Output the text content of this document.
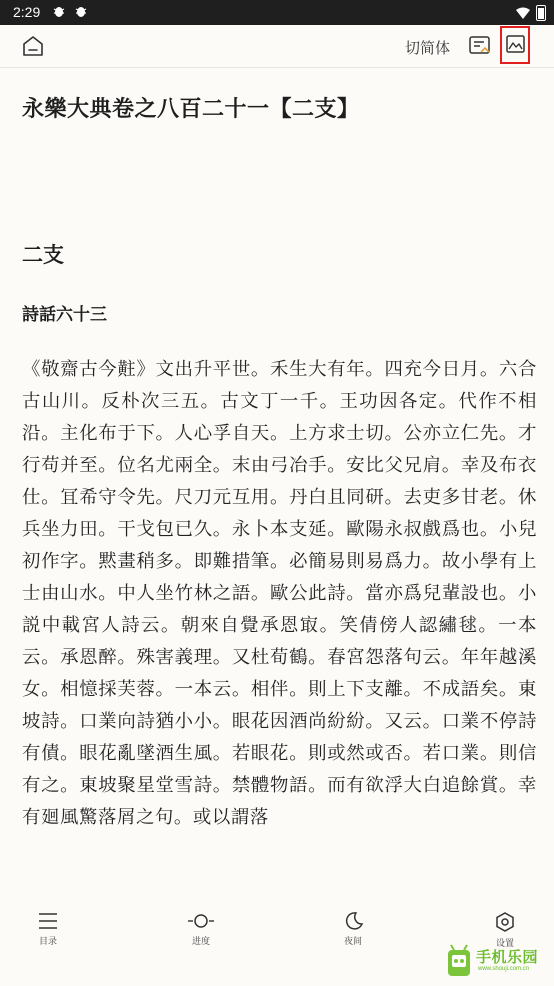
2:29
切简体
永樂大典卷之八百二十一【二支】
二支
詩話六十三

《敬齋古今黈》文出升平世。禾生大有年。四充今日月。六合古山川。反朴次三五。古文丁一千。王功因各定。代作不相沿。主化布于下。人心孚自天。上方求士切。公亦立仁先。才行苟并至。位名尤兩全。末由弓冶手。安比父兄肩。幸及布衣仕。冝希守令先。尺刀元互用。丹白且同研。去吏多甘老。休兵坐力田。干戈包已久。永卜本支延。歐陽永叔戲爲也。小兒初作字。黙畫稍多。即難措筆。必簡易則易爲力。故小學有上士由山水。中人坐竹林之語。歐公此詩。當亦爲兒輩設也。小説中載宮人詩云。朝來自覺承恩㝡。笑倩傍人認繡毬。一本云。承恩醉。殊害義理。又杜荀鶴。春宮怨落句云。年年越溪女。相憶採芙蓉。一本云。相伴。則上下支離。不成語矣。東坡詩。口業向詩猶小小。眼花因酒尚紛紛。又云。口業不停詩有債。眼花亂墜酒生風。若眼花。則或然或否。若口業。則信有之。東坡聚星堂雪詩。禁體物語。而有欲浮大白追餘賞。幸有廻風驚落屑之句。或以謂落

目录	进度	夜间	设置
手机乐园
www.shouji.com.cn
